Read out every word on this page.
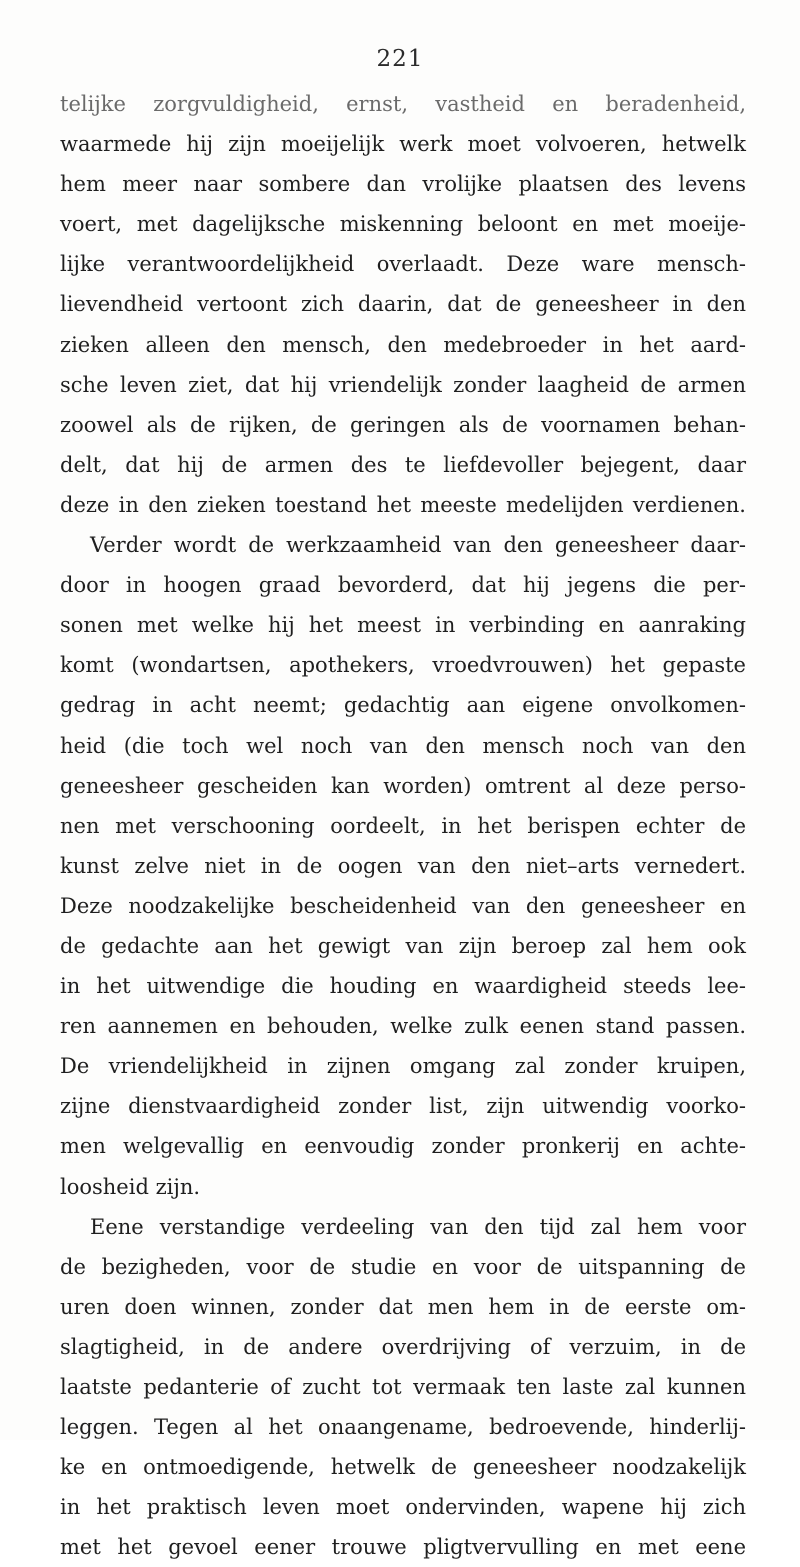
221
telijke zorgvuldigheid, ernst, vastheid en beradenheid,
waarmede hij zijn moeijelijk werk moet volvoeren, hetwelk
hem meer naar sombere dan vrolijke plaatsen des levens
voert, met dagelijksche miskenning beloont en met moeije-
lijke verantwoordelijkheid overlaadt. Deze ware mensch-
lievendheid vertoont zich daarin, dat de geneesheer in den
zieken alleen den mensch, den medebroeder in het aard-
sche leven ziet, dat hij vriendelijk zonder laagheid de armen
zoowel als de rijken, de geringen als de voornamen behan-
delt, dat hij de armen des te liefdevoller bejegent, daar
deze in den zieken toestand het meeste medelijden verdienen.
Verder wordt de werkzaamheid van den geneesheer daar-
door in hoogen graad bevorderd, dat hij jegens die per-
sonen met welke hij het meest in verbinding en aanraking
komt (wondartsen, apothekers, vroedvrouwen) het gepaste
gedrag in acht neemt; gedachtig aan eigene onvolkomen-
heid (die toch wel noch van den mensch noch van den
geneesheer gescheiden kan worden) omtrent al deze perso-
nen met verschooning oordeelt, in het berispen echter de
kunst zelve niet in de oogen van den niet–arts vernedert.
Deze noodzakelijke bescheidenheid van den geneesheer en
de gedachte aan het gewigt van zijn beroep zal hem ook
in het uitwendige die houding en waardigheid steeds lee-
ren aannemen en behouden, welke zulk eenen stand passen.
De vriendelijkheid in zijnen omgang zal zonder kruipen,
zijne dienstvaardigheid zonder list, zijn uitwendig voorko-
men welgevallig en eenvoudig zonder pronkerij en achte-
loosheid zijn.
Eene verstandige verdeeling van den tijd zal hem voor
de bezigheden, voor de studie en voor de uitspanning de
uren doen winnen, zonder dat men hem in de eerste om-
slagtigheid, in de andere overdrijving of verzuim, in de
laatste pedanterie of zucht tot vermaak ten laste zal kunnen
leggen. Tegen al het onaangename, bedroevende, hinderlij-
ke en ontmoedigende, hetwelk de geneesheer noodzakelijk
in het praktisch leven moet ondervinden, wapene hij zich
met het gevoel eener trouwe pligtvervulling en met eene
